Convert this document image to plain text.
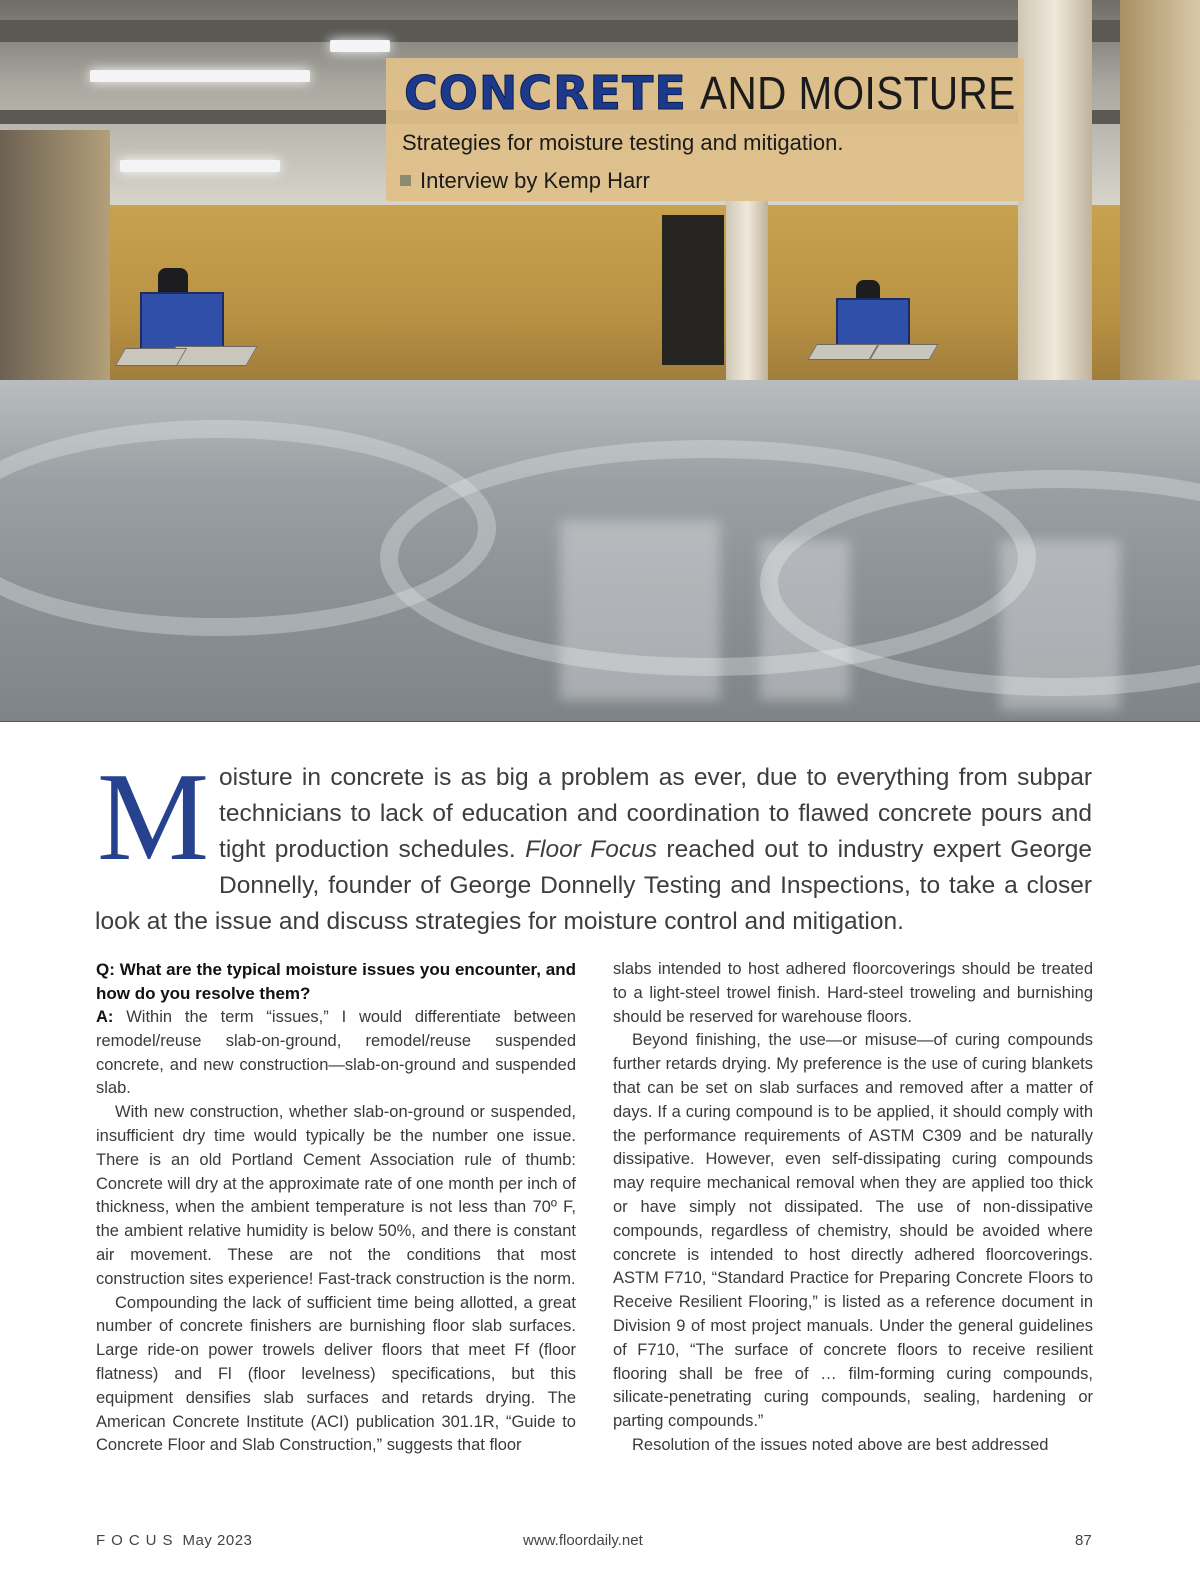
CONCRETE AND MOISTURE
Strategies for moisture testing and mitigation.
Interview by Kemp Harr
Moisture in concrete is as big a problem as ever, due to everything from subpar technicians to lack of education and coordination to flawed concrete pours and tight production schedules. Floor Focus reached out to industry expert George Donnelly, founder of George Donnelly Testing and Inspections, to take a closer look at the issue and discuss strategies for moisture control and mitigation.

Q: What are the typical moisture issues you encounter, and how do you resolve them?

A: Within the term “issues,” I would differentiate between remodel/reuse slab-on-ground, remodel/reuse suspended concrete, and new construction—slab-on-ground and suspended slab.

With new construction, whether slab-on-ground or suspended, insufficient dry time would typically be the number one issue. There is an old Portland Cement Association rule of thumb: Concrete will dry at the approximate rate of one month per inch of thickness, when the ambient temperature is not less than 70º F, the ambient relative humidity is below 50%, and there is constant air movement. These are not the conditions that most construction sites experience! Fast-track construction is the norm.

Compounding the lack of sufficient time being allotted, a great number of concrete finishers are burnishing floor slab surfaces. Large ride-on power trowels deliver floors that meet Ff (floor flatness) and Fl (floor levelness) specifications, but this equipment densifies slab surfaces and retards drying. The American Concrete Institute (ACI) publication 301.1R, “Guide to Concrete Floor and Slab Construction,” suggests that floor

slabs intended to host adhered floorcoverings should be treated to a light-steel trowel finish. Hard-steel troweling and burnishing should be reserved for warehouse floors.

Beyond finishing, the use—or misuse—of curing compounds further retards drying. My preference is the use of curing blankets that can be set on slab surfaces and removed after a matter of days. If a curing compound is to be applied, it should comply with the performance requirements of ASTM C309 and be naturally dissipative. However, even self-dissipating curing compounds may require mechanical removal when they are applied too thick or have simply not dissipated. The use of non-dissipative compounds, regardless of chemistry, should be avoided where concrete is intended to host directly adhered floorcoverings. ASTM F710, “Standard Practice for Preparing Concrete Floors to Receive Resilient Flooring,” is listed as a reference document in Division 9 of most project manuals. Under the general guidelines of F710, “The surface of concrete floors to receive resilient flooring shall be free of … film-forming curing compounds, silicate-penetrating curing compounds, sealing, hardening or parting compounds.”

Resolution of the issues noted above are best addressed

FOCUS May 2023	www.floordaily.net	87
